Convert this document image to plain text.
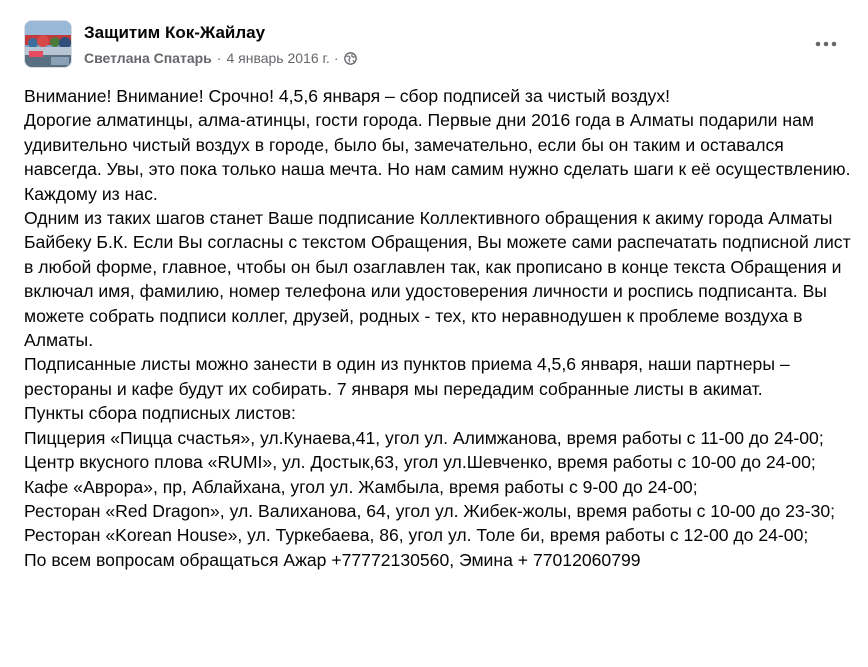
Защитим Кок-Жайлау
Светлана Спатарь · 4 январь 2016 г. ·

Внимание! Внимание! Срочно! 4,5,6 января – сбор подписей за чистый воздух!

Дорогие алматинцы, алма-атинцы, гости города. Первые дни 2016 года в Алматы подарили нам удивительно чистый воздух в городе, было бы, замечательно, если бы он таким и оставался навсегда. Увы, это пока только наша мечта. Но нам самим нужно сделать шаги к её осуществлению. Каждому из нас.

Одним из таких шагов станет Ваше подписание Коллективного обращения к акиму города Алматы Байбеку Б.К. Если Вы согласны с текстом Обращения, Вы можете сами распечатать подписной лист в любой форме, главное, чтобы он был озаглавлен так, как прописано в конце текста Обращения и включал имя, фамилию, номер телефона или удостоверения личности и роспись подписанта. Вы можете собрать подписи коллег, друзей, родных - тех, кто неравнодушен к проблеме воздуха в Алматы.

Подписанные листы можно занести в один из пунктов приема 4,5,6 января, наши партнеры – рестораны и кафе будут их собирать. 7 января мы передадим собранные листы в акимат.

Пункты сбора подписных листов:

Пиццерия «Пицца счастья», ул.Кунаева,41, угол ул. Алимжанова, время работы с 11-00 до 24-00;

Центр вкусного плова «RUMI», ул. Достык,63, угол ул.Шевченко, время работы с 10-00 до 24-00;

Кафе «Аврора», пр, Аблайхана, угол ул. Жамбыла, время работы с 9-00 до 24-00;

Ресторан «Red Dragon», ул. Валиханова, 64, угол ул. Жибек-жолы, время работы с 10-00 до 23-30;

Ресторан «Korean House», ул. Туркебаева, 86, угол ул. Толе би, время работы с 12-00 до 24-00;

По всем вопросам обращаться Ажар +77772130560, Эмина + 77012060799
